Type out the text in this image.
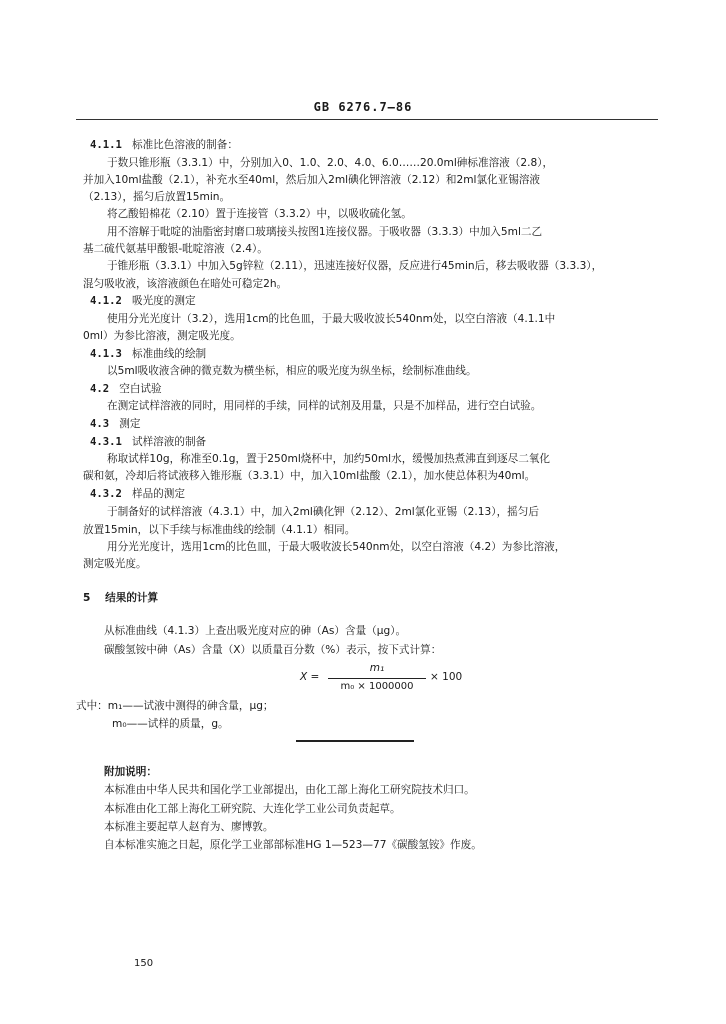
GB 6276.7—86
4.1.1 标准比色溶液的制备：
于数只锥形瓶（3.3.1）中，分别加入0、1.0、2.0、4.0、6.0……20.0ml砷标准溶液（2.8），
并加入10ml盐酸（2.1），补充水至40ml，然后加入2ml碘化钾溶液（2.12）和2ml氯化亚锡溶液
（2.13），摇匀后放置15min。
将乙酸铅棉花（2.10）置于连接管（3.3.2）中，以吸收硫化氢。
用不溶解于吡啶的油脂密封磨口玻璃接头按图1连接仪器。于吸收器（3.3.3）中加入5ml二乙
基二硫代氨基甲酸银-吡啶溶液（2.4）。
于锥形瓶（3.3.1）中加入5g锌粒（2.11），迅速连接好仪器，反应进行45min后，移去吸收器（3.3.3），
混匀吸收液，该溶液颜色在暗处可稳定2h。
4.1.2 吸光度的测定
使用分光光度计（3.2），选用1cm的比色皿，于最大吸收波长540nm处，以空白溶液（4.1.1中
0ml）为参比溶液，测定吸光度。
4.1.3 标准曲线的绘制
以5ml吸收液含砷的微克数为横坐标，相应的吸光度为纵坐标，绘制标准曲线。
4.2 空白试验
在测定试样溶液的同时，用同样的手续，同样的试剂及用量，只是不加样品，进行空白试验。
4.3 测定
4.3.1 试样溶液的制备
称取试样10g，称准至0.1g，置于250ml烧杯中，加约50ml水，缓慢加热煮沸直到逐尽二氧化
碳和氨，冷却后将试液移入锥形瓶（3.3.1）中，加入10ml盐酸（2.1），加水使总体积为40ml。
4.3.2 样品的测定
于制备好的试样溶液（4.3.1）中，加入2ml碘化钾（2.12）、2ml氯化亚锡（2.13），摇匀后
放置15min，以下手续与标准曲线的绘制（4.1.1）相同。
用分光光度计，选用1cm的比色皿，于最大吸收波长540nm处，以空白溶液（4.2）为参比溶液，
测定吸光度。
5 结果的计算
从标准曲线（4.1.3）上查出吸光度对应的砷（As）含量（μg）。
碳酸氢铵中砷（As）含量（X）以质量百分数（%）表示，按下式计算：
X =
m₁
m₀ × 1000000
× 100
式中：m₁——试液中测得的砷含量，μg；
m₀——试样的质量，g。
附加说明：
本标准由中华人民共和国化学工业部提出，由化工部上海化工研究院技术归口。
本标准由化工部上海化工研究院、大连化学工业公司负责起草。
本标准主要起草人赵育为、廖博敦。
自本标准实施之日起，原化学工业部部标准HG 1—523—77《碳酸氢铵》作废。
150
